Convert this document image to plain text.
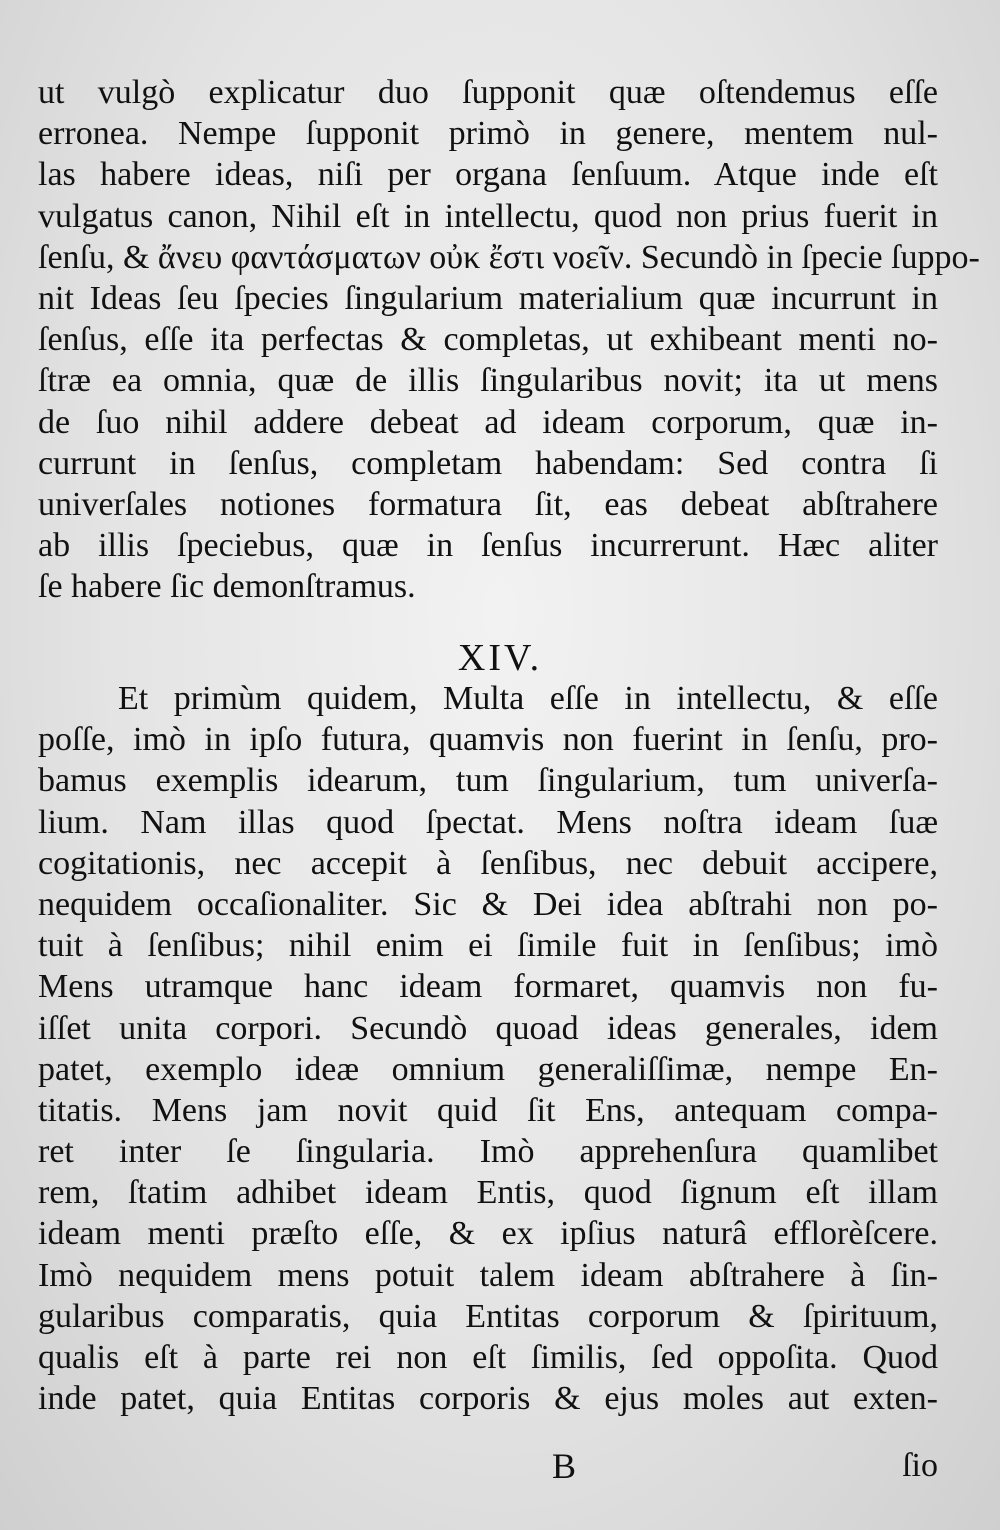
ut vulgò explicatur duo ſupponit quæ oſtendemus eſſe
erronea. Nempe ſupponit primò in genere, mentem nul-
las habere ideas, niſi per organa ſenſuum. Atque inde eſt
vulgatus canon, Nihil eſt in intellectu, quod non prius fuerit in
ſenſu, & ἄνευ φαντάσματων οὐκ ἔστι νοεῖν. Secundò in ſpecie ſuppo-
nit Ideas ſeu ſpecies ſingularium materialium quæ incurrunt in
ſenſus, eſſe ita perfectas & completas, ut exhibeant menti no-
ſtræ ea omnia, quæ de illis ſingularibus novit; ita ut mens
de ſuo nihil addere debeat ad ideam corporum, quæ in-
currunt in ſenſus, completam habendam: Sed contra ſi
univerſales notiones formatura ſit, eas debeat abſtrahere
ab illis ſpeciebus, quæ in ſenſus incurrerunt. Hæc aliter
ſe habere ſic demonſtramus.
XIV.
Et primùm quidem, Multa eſſe in intellectu, & eſſe
poſſe, imò in ipſo futura, quamvis non fuerint in ſenſu, pro-
bamus exemplis idearum, tum ſingularium, tum univerſa-
lium. Nam illas quod ſpectat. Mens noſtra ideam ſuæ
cogitationis, nec accepit à ſenſibus, nec debuit accipere,
nequidem occaſionaliter. Sic & Dei idea abſtrahi non po-
tuit à ſenſibus; nihil enim ei ſimile fuit in ſenſibus; imò
Mens utramque hanc ideam formaret, quamvis non fu-
iſſet unita corpori. Secundò quoad ideas generales, idem
patet, exemplo ideæ omnium generaliſſimæ, nempe En-
titatis. Mens jam novit quid ſit Ens, antequam compa-
ret inter ſe ſingularia. Imò apprehenſura quamlibet
rem, ſtatim adhibet ideam Entis, quod ſignum eſt illam
ideam menti præſto eſſe, & ex ipſius naturâ efflorèſcere.
Imò nequidem mens potuit talem ideam abſtrahere à ſin-
gularibus comparatis, quia Entitas corporum & ſpirituum,
qualis eſt à parte rei non eſt ſimilis, ſed oppoſita. Quod
inde patet, quia Entitas corporis & ejus moles aut exten-
B	ſio
